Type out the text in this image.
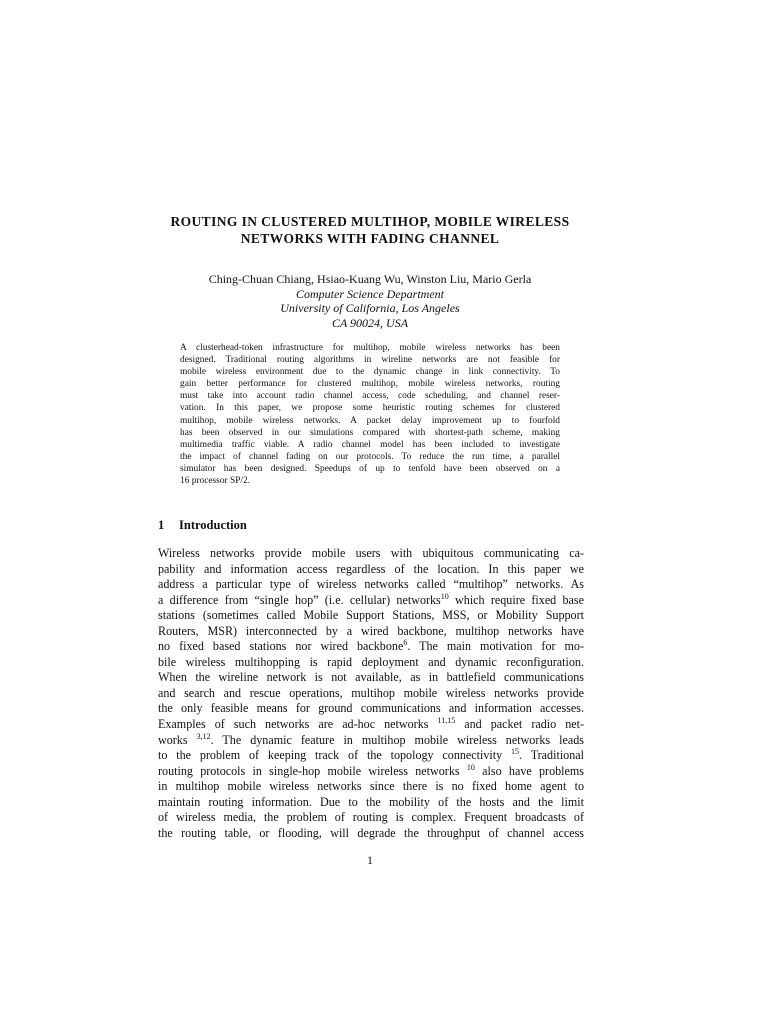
ROUTING IN CLUSTERED MULTIHOP, MOBILE WIRELESS
NETWORKS WITH FADING CHANNEL
Ching-Chuan Chiang, Hsiao-Kuang Wu, Winston Liu, Mario Gerla
Computer Science Department
University of California, Los Angeles
CA 90024, USA
A clusterhead-token infrastructure for multihop, mobile wireless networks has been
designed. Traditional routing algorithms in wireline networks are not feasible for
mobile wireless environment due to the dynamic change in link connectivity. To
gain better performance for clustered multihop, mobile wireless networks, routing
must take into account radio channel access, code scheduling, and channel reser-
vation. In this paper, we propose some heuristic routing schemes for clustered
multihop, mobile wireless networks. A packet delay improvement up to fourfold
has been observed in our simulations compared with shortest-path scheme, making
multimedia traffic viable. A radio channel model has been included to investigate
the impact of channel fading on our protocols. To reduce the run time, a parallel
simulator has been designed. Speedups of up to tenfold have been observed on a
16 processor SP/2.
1 Introduction
Wireless networks provide mobile users with ubiquitous communicating ca-
pability and information access regardless of the location. In this paper we
address a particular type of wireless networks called “multihop” networks. As
a difference from “single hop” (i.e. cellular) networks$^{10}$ which require fixed base
stations (sometimes called Mobile Support Stations, MSS, or Mobility Support
Routers, MSR) interconnected by a wired backbone, multihop networks have
no fixed based stations nor wired backbone$^6$. The main motivation for mo-
bile wireless multihopping is rapid deployment and dynamic reconfiguration.
When the wireline network is not available, as in battlefield communications
and search and rescue operations, multihop mobile wireless networks provide
the only feasible means for ground communications and information accesses.
Examples of such networks are ad-hoc networks $^{11,15}$ and packet radio net-
works $^{3,12}$. The dynamic feature in multihop mobile wireless networks leads
to the problem of keeping track of the topology connectivity $^{15}$. Traditional
routing protocols in single-hop mobile wireless networks $^{10}$ also have problems
in multihop mobile wireless networks since there is no fixed home agent to
maintain routing information. Due to the mobility of the hosts and the limit
of wireless media, the problem of routing is complex. Frequent broadcasts of
the routing table, or flooding, will degrade the throughput of channel access
1
